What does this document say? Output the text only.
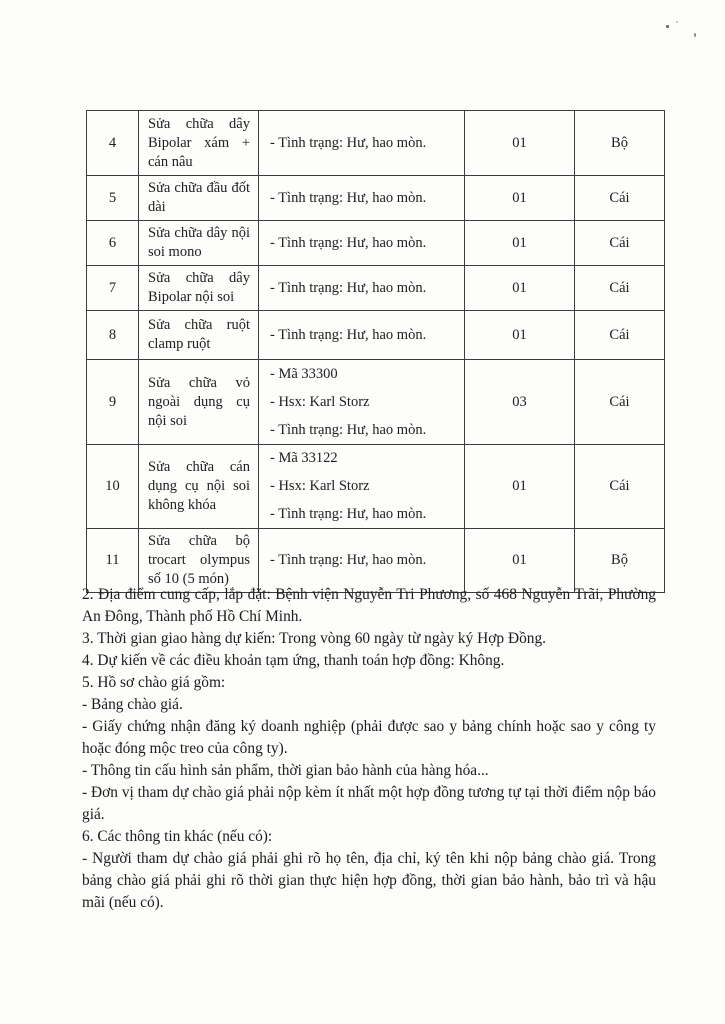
4	Sửa chữa dây Bipolar xám + cán nâu	- Tình trạng: Hư, hao mòn.	01	Bộ
5	Sửa chữa đầu đốt dài	- Tình trạng: Hư, hao mòn.	01	Cái
6	Sửa chữa dây nội soi mono	- Tình trạng: Hư, hao mòn.	01	Cái
7	Sửa chữa dây Bipolar nội soi	- Tình trạng: Hư, hao mòn.	01	Cái
8	Sửa chữa ruột clamp ruột	- Tình trạng: Hư, hao mòn.	01	Cái
9	Sửa chữa vỏ ngoài dụng cụ nội soi	- Mã 33300
- Hsx: Karl Storz
- Tình trạng: Hư, hao mòn.	03	Cái
10	Sửa chữa cán dụng cụ nội soi không khóa	- Mã 33122
- Hsx: Karl Storz
- Tình trạng: Hư, hao mòn.	01	Cái
11	Sửa chữa bộ trocart olympus số 10 (5 món)	- Tình trạng: Hư, hao mòn.	01	Bộ

2. Địa điểm cung cấp, lắp đặt: Bệnh viện Nguyễn Tri Phương, số 468 Nguyễn Trãi, Phường An Đông, Thành phố Hồ Chí Minh.

3. Thời gian giao hàng dự kiến: Trong vòng 60 ngày từ ngày ký Hợp Đồng.

4. Dự kiến về các điều khoản tạm ứng, thanh toán hợp đồng: Không.

5. Hồ sơ chào giá gồm:

- Bảng chào giá.

- Giấy chứng nhận đăng ký doanh nghiệp (phải được sao y bảng chính hoặc sao y công ty hoặc đóng mộc treo của công ty).

- Thông tin cấu hình sản phẩm, thời gian bảo hành của hàng hóa...

- Đơn vị tham dự chào giá phải nộp kèm ít nhất một hợp đồng tương tự tại thời điểm nộp báo giá.

6. Các thông tin khác (nếu có):

- Người tham dự chào giá phải ghi rõ họ tên, địa chỉ, ký tên khi nộp bảng chào giá. Trong bảng chào giá phải ghi rõ thời gian thực hiện hợp đồng, thời gian bảo hành, bảo trì và hậu mãi (nếu có).
